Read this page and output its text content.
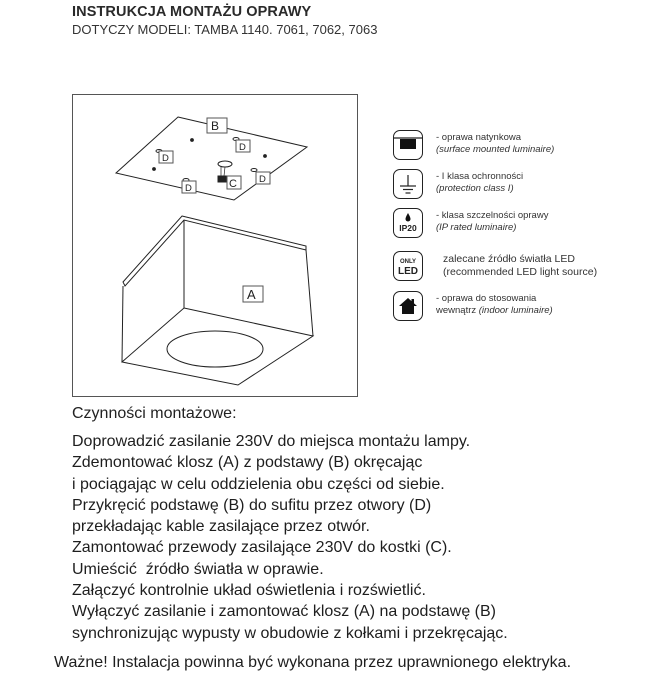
INSTRUKCJA MONTAŻU OPRAWY
DOTYCZY MODELI: TAMBA 1140. 7061, 7062, 7063
B
D
D
D
D
C
A
- oprawa natynkowa
(surface mounted luminaire)
- I klasa ochronności
(protection class I)
IP20
- klasa szczelności oprawy
(IP rated luminaire)
ONLY
LED
zalecane źródło światła LED
(recommended LED light source)
- oprawa do stosowania
wewnątrz (indoor luminaire)
Czynności montażowe:
Doprowadzić zasilanie 230V do miejsca montażu lampy.
Zdemontować klosz (A) z podstawy (B) okręcając
i pociągając w celu oddzielenia obu części od siebie.
Przykręcić podstawę (B) do sufitu przez otwory (D)
przekładając kable zasilające przez otwór.
Zamontować przewody zasilające 230V do kostki (C).
Umieścić  źródło światła w oprawie.
Załączyć kontrolnie układ oświetlenia i rozświetlić.
Wyłączyć zasilanie i zamontować klosz (A) na podstawę (B)
synchronizując wypusty w obudowie z kołkami i przekręcając.
Ważne! Instalacja powinna być wykonana przez uprawnionego elektryka.
